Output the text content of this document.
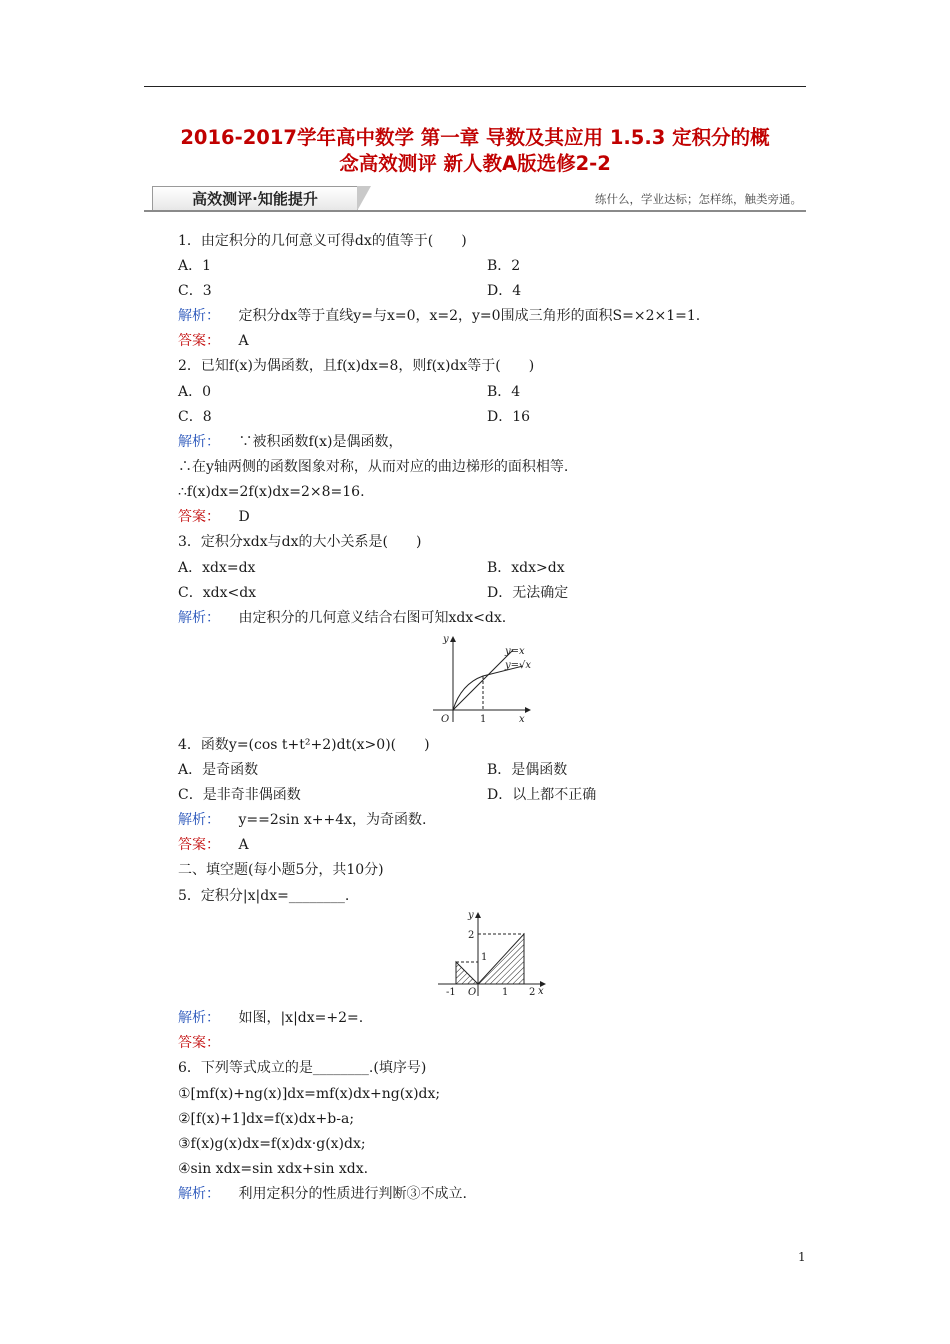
2016-2017学年高中数学 第一章 导数及其应用 1.5.3 定积分的概
念高效测评 新人教A版选修2-2
高效测评·知能提升	练什么，学业达标；怎样练，触类旁通。
1．由定积分的几何意义可得dx的值等于(　　)
A．1	B．2
C．3	D．4
解析： 定积分dx等于直线y=与x=0，x=2，y=0围成三角形的面积S=×2×1=1.
答案： A
2．已知f(x)为偶函数，且f(x)dx=8，则f(x)dx等于(　　)
A．0	B．4
C．8	D．16
解析： ∵被积函数f(x)是偶函数，
∴在y轴两侧的函数图象对称，从而对应的曲边梯形的面积相等.
∴f(x)dx=2f(x)dx=2×8=16.
答案： D
3．定积分xdx与dx的大小关系是(　　)
A．xdx=dx	B．xdx>dx
C．xdx<dx	D．无法确定
解析： 由定积分的几何意义结合右图可知xdx<dx.
y
x
O	1
y=x
y=√x
4．函数y=(cos t+t²+2)dt(x>0)(　　)
A．是奇函数	B．是偶函数
C．是非奇非偶函数	D．以上都不正确
解析： y==2sin x++4x，为奇函数.
答案： A
二、填空题(每小题5分，共10分)
5．定积分|x|dx=________.
y
x
O
-1	1 2
1
2
解析： 如图，|x|dx=+2=.
答案：
6．下列等式成立的是________.(填序号)
①[mf(x)+ng(x)]dx=mf(x)dx+ng(x)dx;
②[f(x)+1]dx=f(x)dx+b-a;
③f(x)g(x)dx=f(x)dx·g(x)dx;
④sin xdx=sin xdx+sin xdx.
解析： 利用定积分的性质进行判断③不成立.
1
